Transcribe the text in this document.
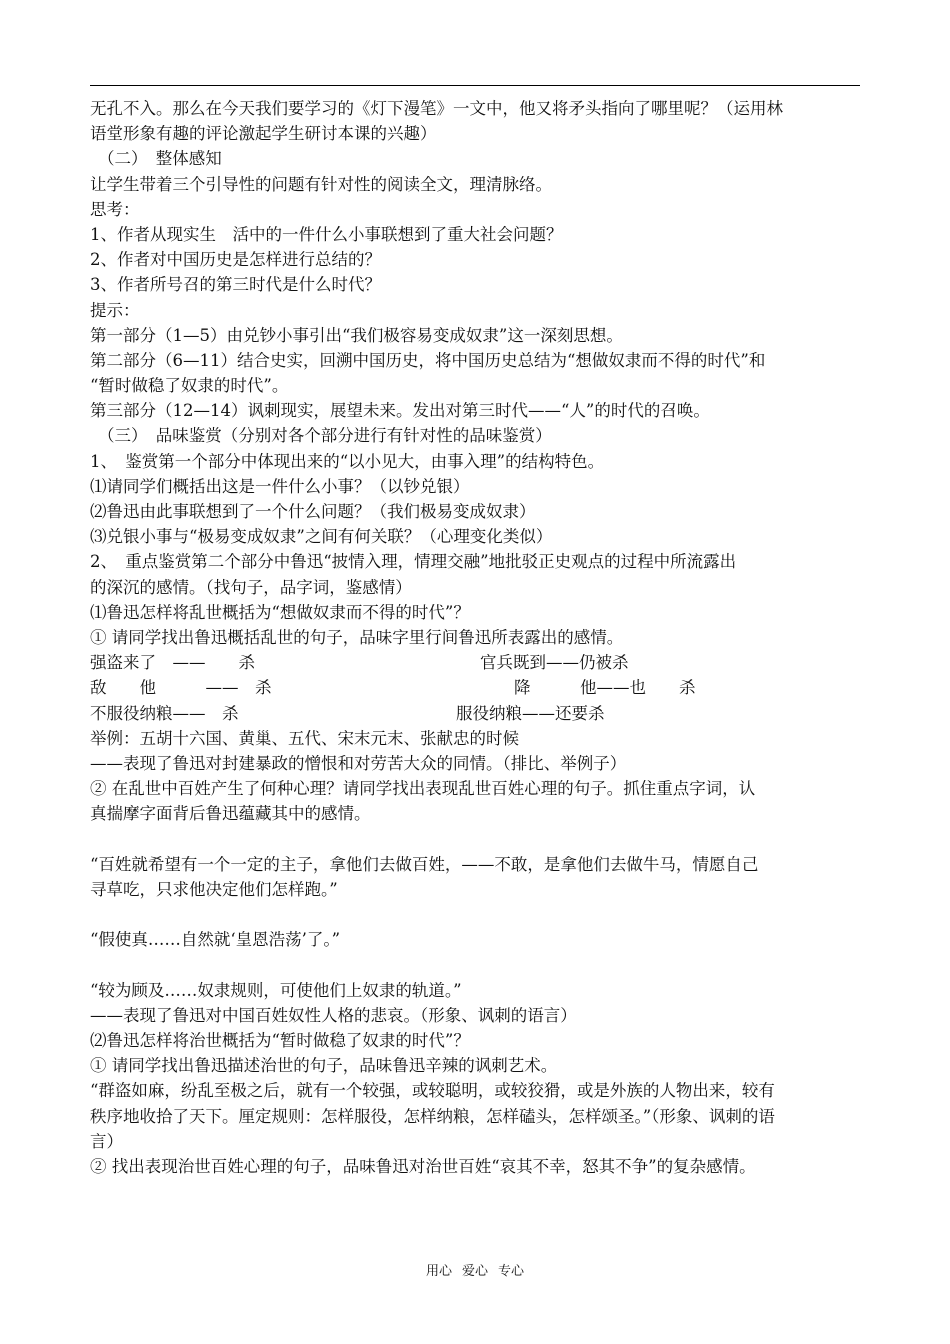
无孔不入。那么在今天我们要学习的《灯下漫笔》一文中，他又将矛头指向了哪里呢？（运用林
语堂形象有趣的评论激起学生研讨本课的兴趣）
（二）　整体感知
让学生带着三个引导性的问题有针对性的阅读全文，理清脉络。
思考：
1、作者从现实生　活中的一件什么小事联想到了重大社会问题？
2、作者对中国历史是怎样进行总结的？
3、作者所号召的第三时代是什么时代？
提示：
第一部分（1—5）由兑钞小事引出“我们极容易变成奴隶”这一深刻思想。
第二部分（6—11）结合史实，回溯中国历史，将中国历史总结为“想做奴隶而不得的时代”和
“暂时做稳了奴隶的时代”。
第三部分（12—14）讽刺现实，展望未来。发出对第三时代——“人”的时代的召唤。
（三）　品味鉴赏（分别对各个部分进行有针对性的品味鉴赏）
1、　鉴赏第一个部分中体现出来的“以小见大，由事入理”的结构特色。
⑴请同学们概括出这是一件什么小事？（以钞兑银）
⑵鲁迅由此事联想到了一个什么问题？（我们极易变成奴隶）
⑶兑银小事与“极易变成奴隶”之间有何关联？（心理变化类似）
2、　重点鉴赏第二个部分中鲁迅“披情入理，情理交融”地批驳正史观点的过程中所流露出
的深沉的感情。（找句子，品字词，鉴感情）
⑴鲁迅怎样将乱世概括为“想做奴隶而不得的时代”？
① 请同学找出鲁迅概括乱世的句子，品味字里行间鲁迅所表露出的感情。
强盗来了　——　　杀	官兵既到——仍被杀
敌　　他　　　——　杀	降　　　他——也　　杀
不服役纳粮——　杀	服役纳粮——还要杀
举例：五胡十六国、黄巢、五代、宋末元末、张献忠的时候
——表现了鲁迅对封建暴政的憎恨和对劳苦大众的同情。（排比、举例子）
② 在乱世中百姓产生了何种心理？请同学找出表现乱世百姓心理的句子。抓住重点字词，认
真揣摩字面背后鲁迅蕴藏其中的感情。
“百姓就希望有一个一定的主子，拿他们去做百姓，——不敢，是拿他们去做牛马，情愿自己
寻草吃，只求他决定他们怎样跑。”
“假使真……自然就‘皇恩浩荡’了。”
“较为顾及……奴隶规则，可使他们上奴隶的轨道。”
——表现了鲁迅对中国百姓奴性人格的悲哀。（形象、讽刺的语言）
⑵鲁迅怎样将治世概括为“暂时做稳了奴隶的时代”？
① 请同学找出鲁迅描述治世的句子，品味鲁迅辛辣的讽刺艺术。
“群盗如麻，纷乱至极之后，就有一个较强，或较聪明，或较狡猾，或是外族的人物出来，较有
秩序地收拾了天下。厘定规则：怎样服役，怎样纳粮，怎样磕头，怎样颂圣。”（形象、讽刺的语
言）
② 找出表现治世百姓心理的句子，品味鲁迅对治世百姓“哀其不幸，怒其不争”的复杂感情。
用心 爱心 专心
